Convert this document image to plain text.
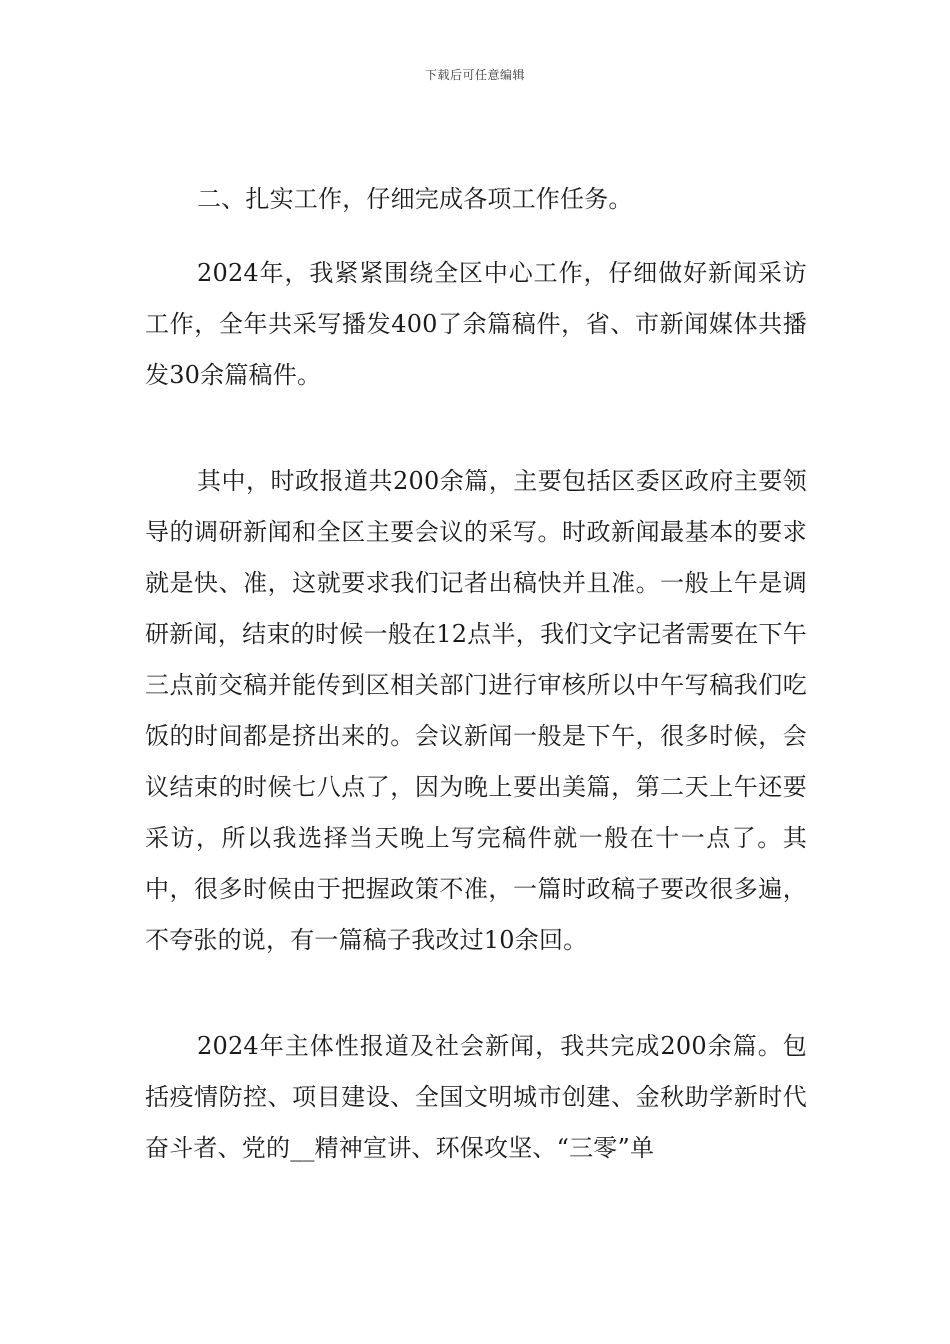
下载后可任意编辑

二、扎实工作，仔细完成各项工作任务。

2024年，我紧紧围绕全区中心工作，仔细做好新闻采访工作，全年共采写播发400了余篇稿件，省、市新闻媒体共播发30余篇稿件。

其中，时政报道共200余篇，主要包括区委区政府主要领导的调研新闻和全区主要会议的采写。时政新闻最基本的要求就是快、准，这就要求我们记者出稿快并且准。一般上午是调研新闻，结束的时候一般在12点半，我们文字记者需要在下午三点前交稿并能传到区相关部门进行审核所以中午写稿我们吃饭的时间都是挤出来的。会议新闻一般是下午，很多时候，会议结束的时候七八点了，因为晚上要出美篇，第二天上午还要采访，所以我选择当天晚上写完稿件就一般在十一点了。其中，很多时候由于把握政策不准，一篇时政稿子要改很多遍，不夸张的说，有一篇稿子我改过10余回。

2024年主体性报道及社会新闻，我共完成200余篇。包括疫情防控、项目建设、全国文明城市创建、金秋助学新时代奋斗者、党的__精神宣讲、环保攻坚、“三零”单
